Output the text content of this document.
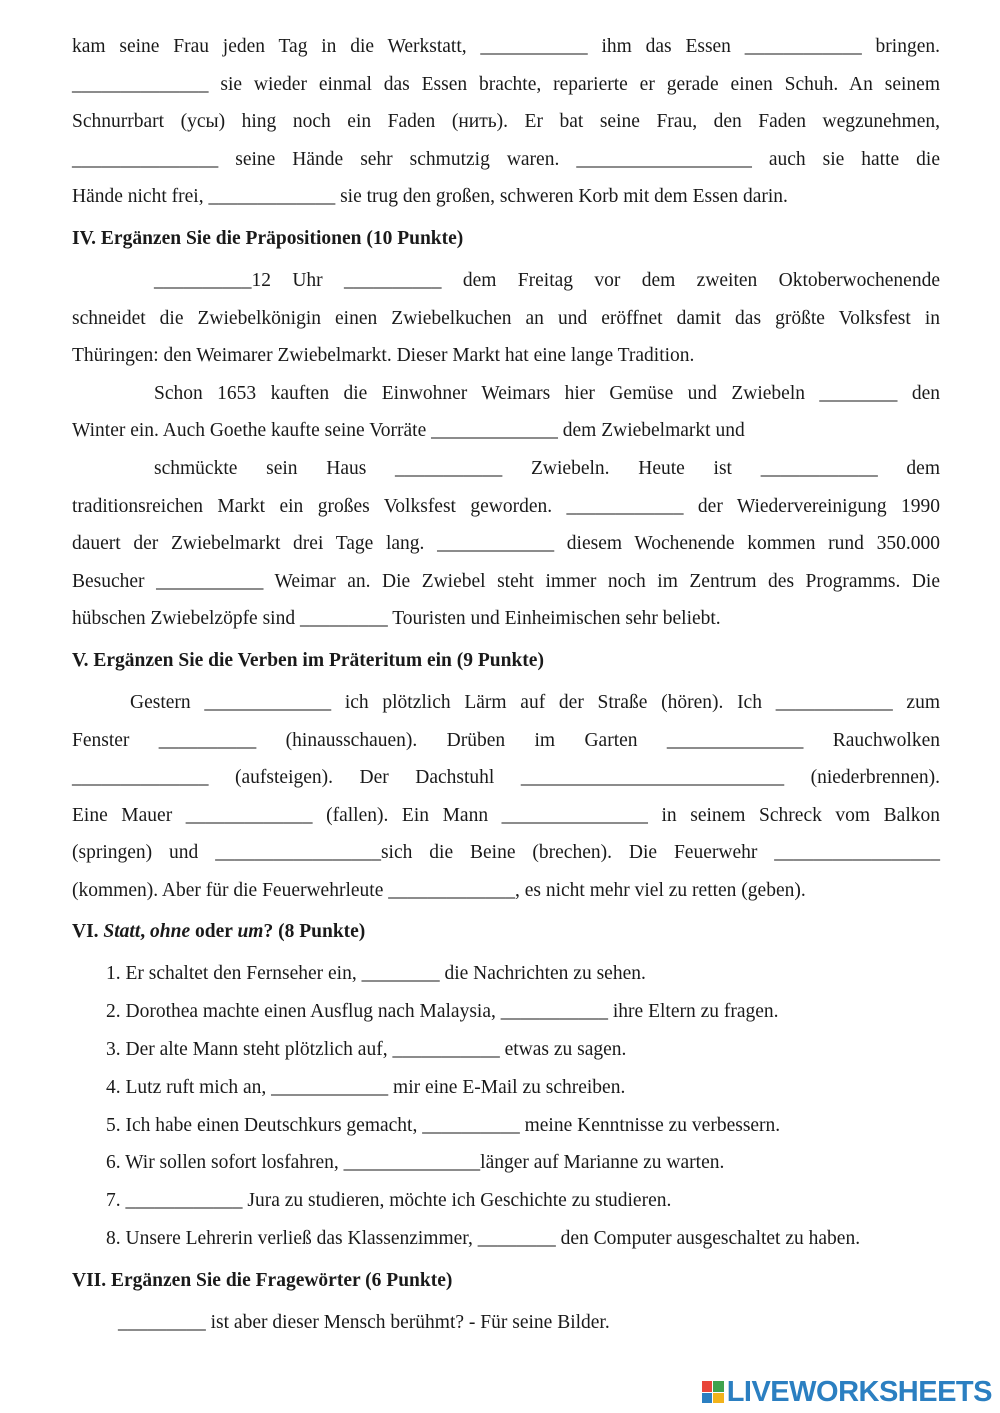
kam seine Frau jeden Tag in die Werkstatt, ___________ ihm das Essen ____________ bringen.
______________ sie wieder einmal das Essen brachte, reparierte er gerade einen Schuh. An seinem
Schnurrbart (усы) hing noch ein Faden (нить). Er bat seine Frau, den Faden wegzunehmen,
_______________ seine Hände sehr schmutzig waren. __________________ auch sie hatte die
Hände nicht frei, _____________ sie trug den großen, schweren Korb mit dem Essen darin.
IV. Ergänzen Sie die Präpositionen (10 Punkte)
__________12 Uhr __________ dem Freitag vor dem zweiten Oktoberwochenende
schneidet die Zwiebelkönigin einen Zwiebelkuchen an und eröffnet damit das größte Volksfest in
Thüringen: den Weimarer Zwiebelmarkt. Dieser Markt hat eine lange Tradition.
Schon 1653 kauften die Einwohner Weimars hier Gemüse und Zwiebeln ________ den
Winter ein. Auch Goethe kaufte seine Vorräte _____________ dem Zwiebelmarkt und
schmückte sein Haus ___________ Zwiebeln. Heute ist ____________ dem
traditionsreichen Markt ein großes Volksfest geworden. ____________ der Wiedervereinigung 1990
dauert der Zwiebelmarkt drei Tage lang. ____________ diesem Wochenende kommen rund 350.000
Besucher ___________ Weimar an. Die Zwiebel steht immer noch im Zentrum des Programms. Die
hübschen Zwiebelzöpfe sind _________ Touristen und Einheimischen sehr beliebt.
V. Ergänzen Sie die Verben im Präteritum ein (9 Punkte)
Gestern _____________ ich plötzlich Lärm auf der Straße (hören). Ich ____________ zum
Fenster __________ (hinausschauen). Drüben im Garten ______________ Rauchwolken
______________ (aufsteigen). Der Dachstuhl ___________________________ (niederbrennen).
Eine Mauer _____________ (fallen). Ein Mann _______________ in seinem Schreck vom Balkon
(springen) und _________________sich die Beine (brechen). Die Feuerwehr _________________
(kommen). Aber für die Feuerwehrleute _____________, es nicht mehr viel zu retten (geben).
VI. Statt, ohne oder um? (8 Punkte)
1. Er schaltet den Fernseher ein, ________ die Nachrichten zu sehen.
2. Dorothea machte einen Ausflug nach Malaysia, ___________ ihre Eltern zu fragen.
3. Der alte Mann steht plötzlich auf, ___________ etwas zu sagen.
4. Lutz ruft mich an, ____________ mir eine E-Mail zu schreiben.
5. Ich habe einen Deutschkurs gemacht, __________ meine Kenntnisse zu verbessern.
6. Wir sollen sofort losfahren, ______________länger auf Marianne zu warten.
7. ____________ Jura zu studieren, möchte ich Geschichte zu studieren.
8. Unsere Lehrerin verließ das Klassenzimmer, ________ den Computer ausgeschaltet zu haben.
VII. Ergänzen Sie die Fragewörter (6 Punkte)
_________ ist aber dieser Mensch berühmt? - Für seine Bilder.
LIVEWORKSHEETS
